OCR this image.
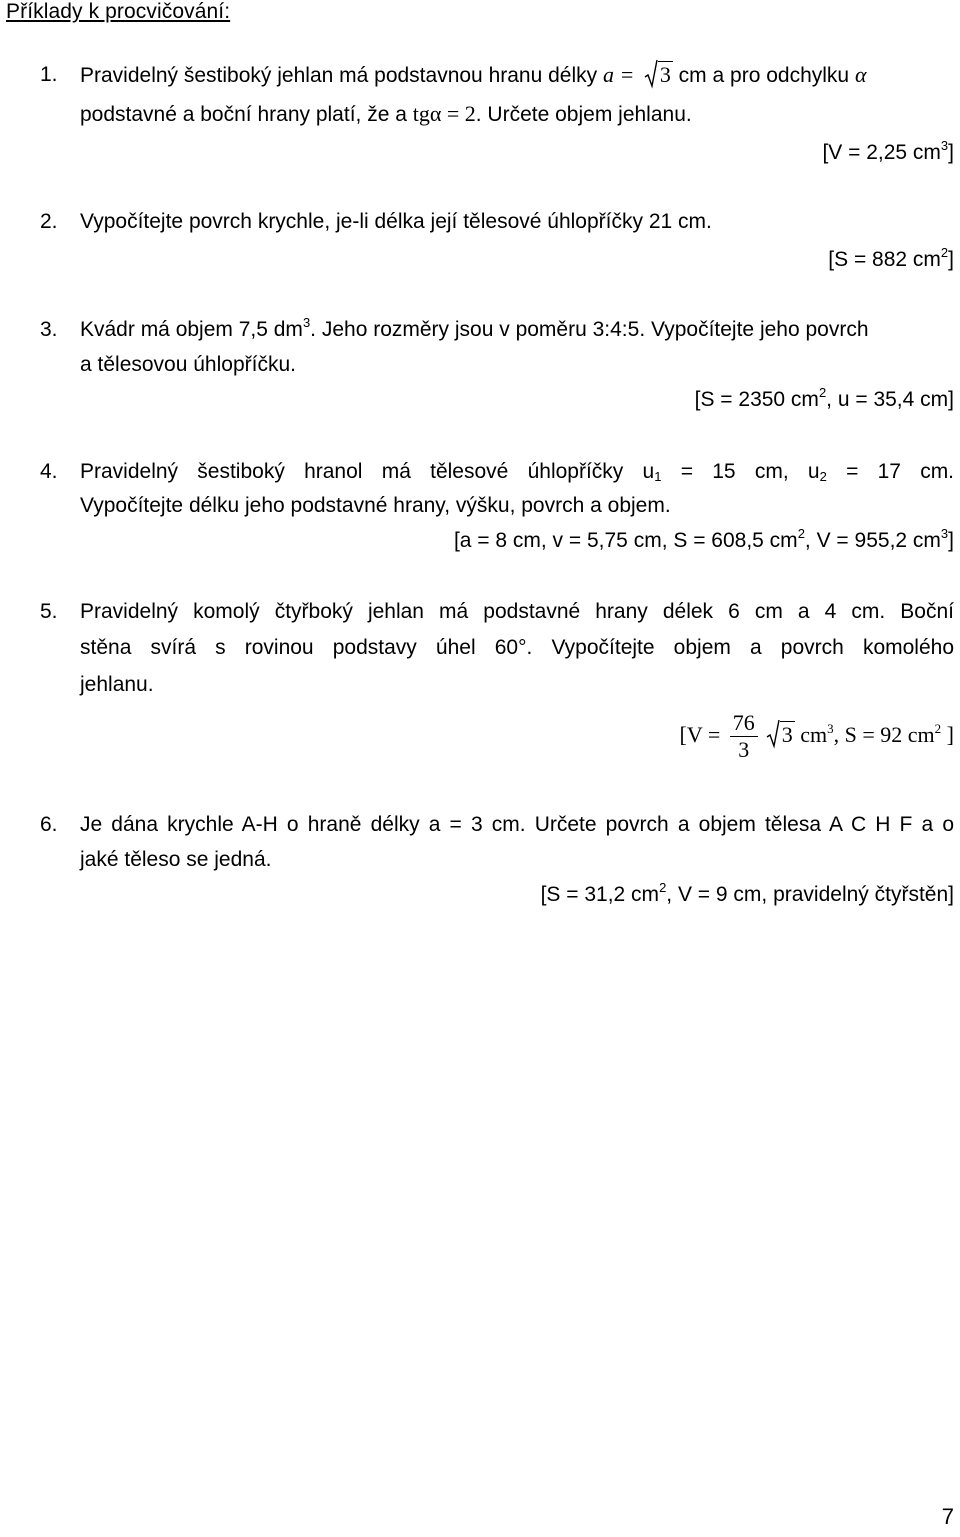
Příklady k procvičování:
1. Pravidelný šestiboký jehlan má podstavnou hranu délky a =
3 cm a pro odchylku α
podstavné a boční hrany platí, že a tgα = 2. Určete objem jehlanu.
[V = 2,25 $cm^3$]
2. Vypočítejte povrch krychle, je-li délka její tělesové úhlopříčky 21 cm.
[S = 882 $cm^2$]
3. Kvádr má objem 7,5 $dm^3$. Jeho rozměry jsou v poměru 3:4:5. Vypočítejte jeho povrch
a tělesovou úhlopříčku.
[S = 2350 $cm^2$, u = 35,4 cm]
4. Pravidelný šestiboký hranol má tělesové úhlopříčky $u_1 = 15$ cm, $u_2 = 17$ cm.
Vypočítejte délku jeho podstavné hrany, výšku, povrch a objem.
[a = 8 cm, v = 5,75 cm, S = 608,5 $cm^2$, V = 955,2 $cm^3$]
5. Pravidelný komolý čtyřboký jehlan má podstavné hrany délek 6 cm a 4 cm. Boční
stěna svírá s rovinou podstavy úhel 60°. Vypočítejte objem a povrch komolého
jehlanu.
[$V = \frac{76}{3} 3$ $cm^3$, S = 92 $cm^2$ ]
6. Je dána krychle A-H o hraně délky a = 3 cm. Určete povrch a objem tělesa A C H F a o
jaké těleso se jedná.
[S = 31,2 $cm^2$, V = 9 cm, pravidelný čtyřstěn]
7
